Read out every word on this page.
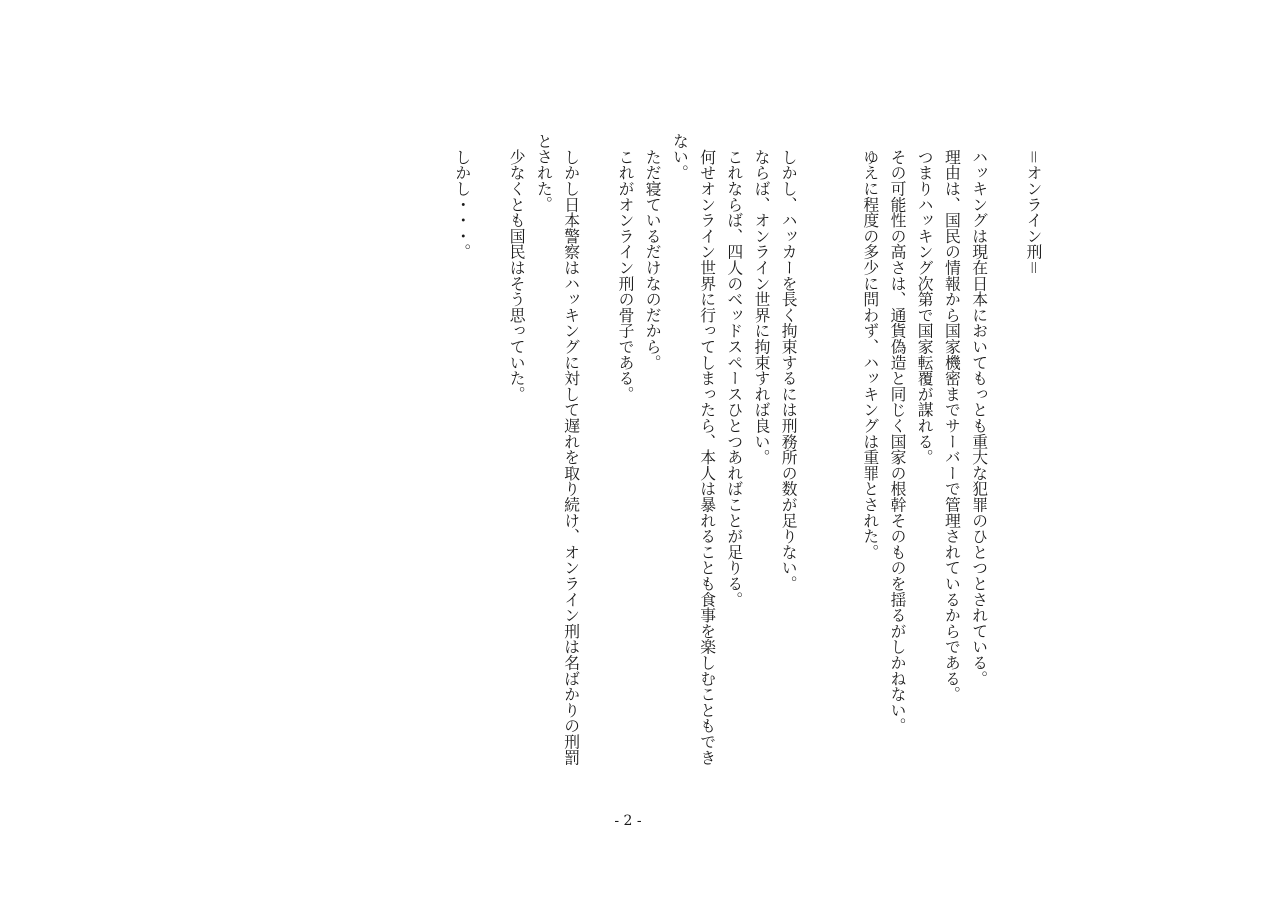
＝オンライン刑＝
ハッキングは現在日本においてもっとも重大な犯罪のひとつとされている。
理由は、国民の情報から国家機密までサーバーで管理されているからである。
つまりハッキング次第で国家転覆が謀れる。
その可能性の高さは、通貨偽造と同じく国家の根幹そのものを揺るがしかねない。
ゆえに程度の多少に問わず、ハッキングは重罪とされた。
しかし、ハッカーを長く拘束するには刑務所の数が足りない。
ならば、オンライン世界に拘束すれば良い。
これならば、四人のベッドスペースひとつあればことが足りる。
何せオンライン世界に行ってしまったら、本人は暴れることも食事を楽しむこともでき
ない。
ただ寝ているだけなのだから。
これがオンライン刑の骨子である。
しかし日本警察はハッキングに対して遅れを取り続け、オンライン刑は名ばかりの刑罰
とされた。
少なくとも国民はそう思っていた。
しかし・・・。
- 2 -
